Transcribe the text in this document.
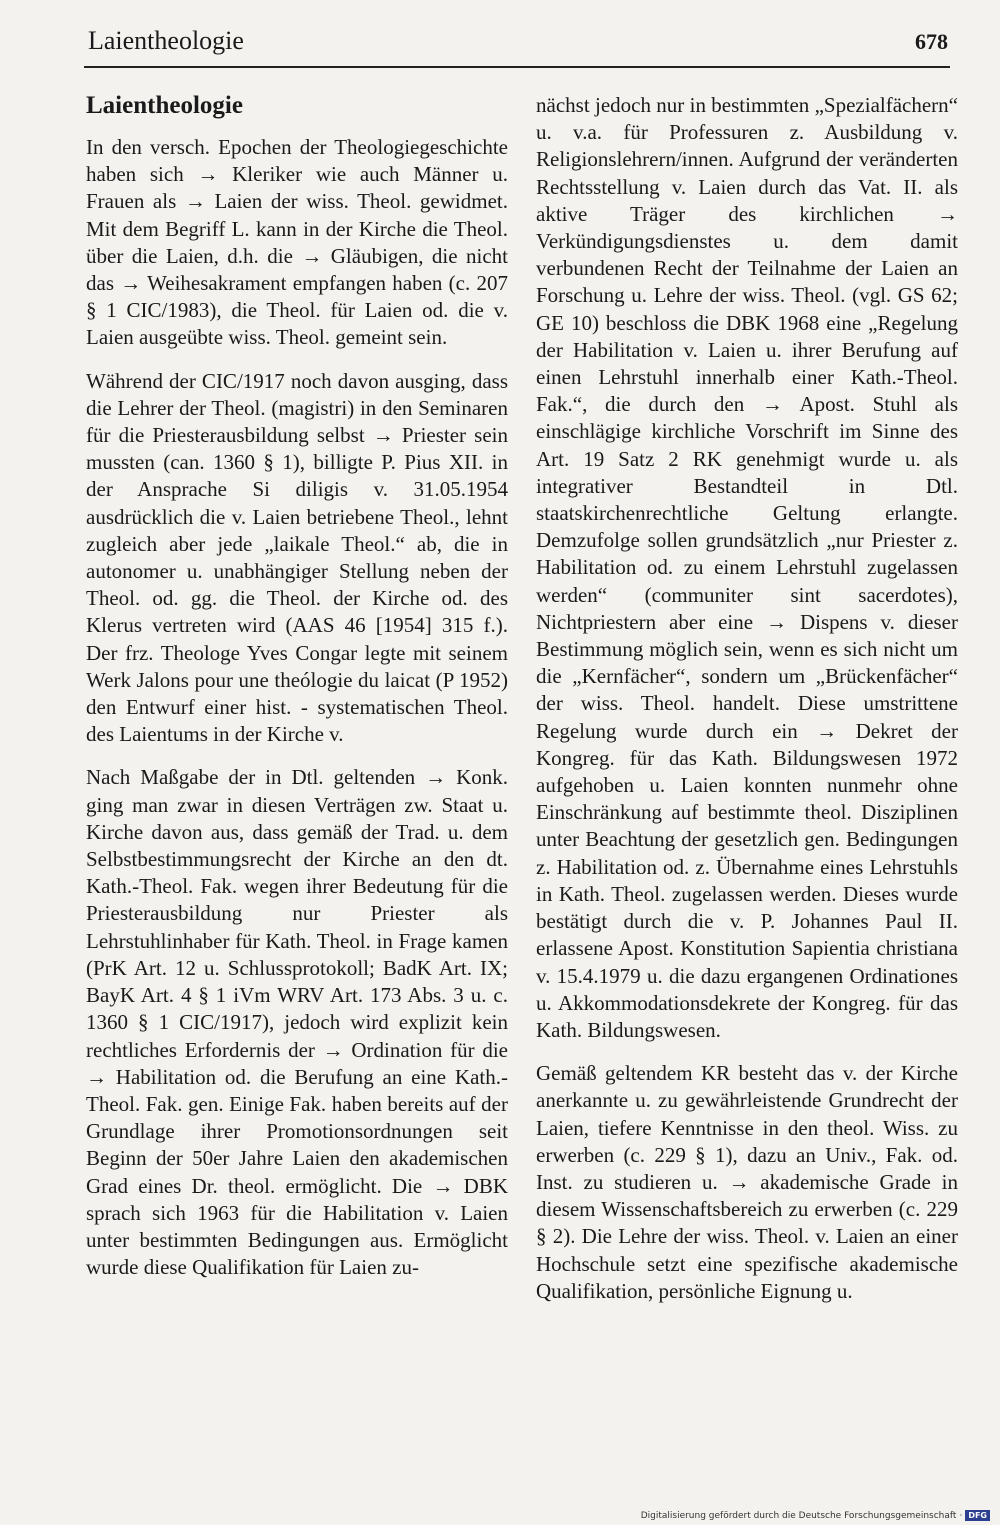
Laientheologie	678
Laientheologie

In den versch. Epochen der Theologiegeschichte haben sich → Kleriker wie auch Männer u. Frauen als → Laien der wiss. Theol. gewidmet. Mit dem Begriff L. kann in der Kirche die Theol. über die Laien, d.h. die → Gläubigen, die nicht das → Weihesakrament empfangen haben (c. 207 § 1 CIC/1983), die Theol. für Laien od. die v. Laien ausgeübte wiss. Theol. gemeint sein.

Während der CIC/1917 noch davon ausging, dass die Lehrer der Theol. (magistri) in den Seminaren für die Priesterausbildung selbst → Priester sein mussten (can. 1360 § 1), billigte P. Pius XII. in der Ansprache Si diligis v. 31.05.1954 ausdrücklich die v. Laien betriebene Theol., lehnt zugleich aber jede „laikale Theol.“ ab, die in autonomer u. unabhängiger Stellung neben der Theol. od. gg. die Theol. der Kirche od. des Klerus vertreten wird (AAS 46 [1954] 315 f.). Der frz. Theologe Yves Congar legte mit seinem Werk Jalons pour une theólogie du laicat (P 1952) den Entwurf einer hist. - systematischen Theol. des Laientums in der Kirche v.

Nach Maßgabe der in Dtl. geltenden → Konk. ging man zwar in diesen Verträgen zw. Staat u. Kirche davon aus, dass gemäß der Trad. u. dem Selbstbestimmungsrecht der Kirche an den dt. Kath.-Theol. Fak. wegen ihrer Bedeutung für die Priesterausbildung nur Priester als Lehrstuhlinhaber für Kath. Theol. in Frage kamen (PrK Art. 12 u. Schlussprotokoll; BadK Art. IX; BayK Art. 4 § 1 iVm WRV Art. 173 Abs. 3 u. c. 1360 § 1 CIC/1917), jedoch wird explizit kein rechtliches Erfordernis der → Ordination für die → Habilitation od. die Berufung an eine Kath.-Theol. Fak. gen. Einige Fak. haben bereits auf der Grundlage ihrer Promotionsordnungen seit Beginn der 50er Jahre Laien den akademischen Grad eines Dr. theol. ermöglicht. Die → DBK sprach sich 1963 für die Habilitation v. Laien unter bestimmten Bedingungen aus. Ermöglicht wurde diese Qualifikation für Laien zu-

nächst jedoch nur in bestimmten „Spezialfächern“ u. v.a. für Professuren z. Ausbildung v. Religionslehrern/innen. Aufgrund der veränderten Rechtsstellung v. Laien durch das Vat. II. als aktive Träger des kirchlichen → Verkündigungsdienstes u. dem damit verbundenen Recht der Teilnahme der Laien an Forschung u. Lehre der wiss. Theol. (vgl. GS 62; GE 10) beschloss die DBK 1968 eine „Regelung der Habilitation v. Laien u. ihrer Berufung auf einen Lehrstuhl innerhalb einer Kath.-Theol. Fak.“, die durch den → Apost. Stuhl als einschlägige kirchliche Vorschrift im Sinne des Art. 19 Satz 2 RK genehmigt wurde u. als integrativer Bestandteil in Dtl. staatskirchenrechtliche Geltung erlangte. Demzufolge sollen grundsätzlich „nur Priester z. Habilitation od. zu einem Lehrstuhl zugelassen werden“ (communiter sint sacerdotes), Nichtpriestern aber eine → Dispens v. dieser Bestimmung möglich sein, wenn es sich nicht um die „Kernfächer“, sondern um „Brückenfächer“ der wiss. Theol. handelt. Diese umstrittene Regelung wurde durch ein → Dekret der Kongreg. für das Kath. Bildungswesen 1972 aufgehoben u. Laien konnten nunmehr ohne Einschränkung auf bestimmte theol. Disziplinen unter Beachtung der gesetzlich gen. Bedingungen z. Habilitation od. z. Übernahme eines Lehrstuhls in Kath. Theol. zugelassen werden. Dieses wurde bestätigt durch die v. P. Johannes Paul II. erlassene Apost. Konstitution Sapientia christiana v. 15.4.1979 u. die dazu ergangenen Ordinationes u. Akkommodationsdekrete der Kongreg. für das Kath. Bildungswesen.

Gemäß geltendem KR besteht das v. der Kirche anerkannte u. zu gewährleistende Grundrecht der Laien, tiefere Kenntnisse in den theol. Wiss. zu erwerben (c. 229 § 1), dazu an Univ., Fak. od. Inst. zu studieren u. → akademische Grade in diesem Wissenschaftsbereich zu erwerben (c. 229 § 2). Die Lehre der wiss. Theol. v. Laien an einer Hochschule setzt eine spezifische akademische Qualifikation, persönliche Eignung u.

Digitalisierung gefördert durch die Deutsche Forschungsgemeinschaft · DFG
